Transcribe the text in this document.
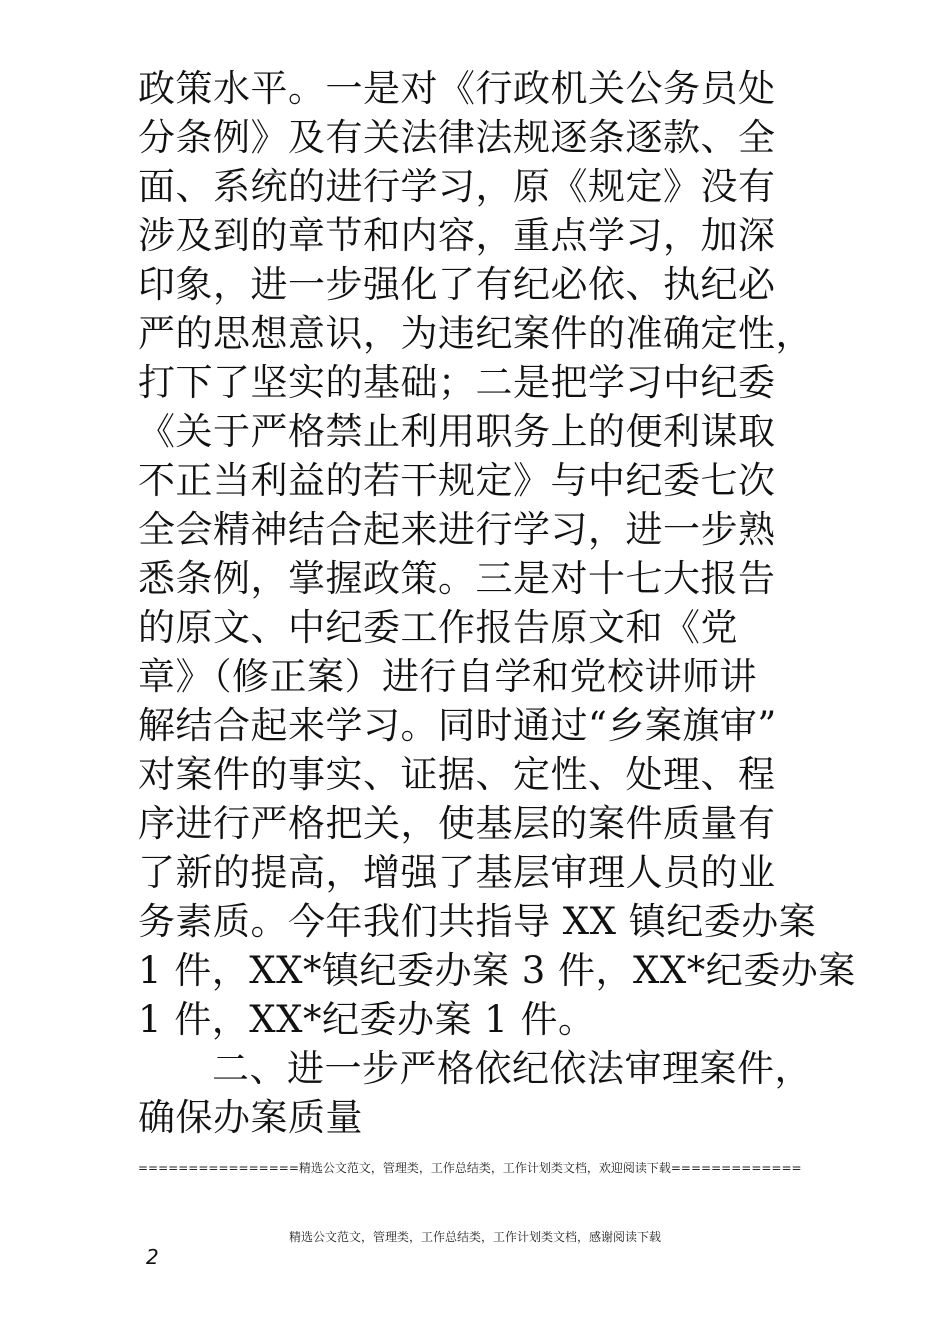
政策水平。一是对《行政机关公务员处
分条例》及有关法律法规逐条逐款、全
面、系统的进行学习，原《规定》没有
涉及到的章节和内容，重点学习，加深
印象，进一步强化了有纪必依、执纪必
严的思想意识，为违纪案件的准确定性，
打下了坚实的基础；二是把学习中纪委
《关于严格禁止利用职务上的便利谋取
不正当利益的若干规定》与中纪委七次
全会精神结合起来进行学习，进一步熟
悉条例，掌握政策。三是对十七大报告
的原文、中纪委工作报告原文和《党
章》（修正案）进行自学和党校讲师讲
解结合起来学习。同时通过“乡案旗审”
对案件的事实、证据、定性、处理、程
序进行严格把关，使基层的案件质量有
了新的提高，增强了基层审理人员的业
务素质。今年我们共指导 XX 镇纪委办案
1 件，XX*镇纪委办案 3 件，XX*纪委办案
1 件，XX*纪委办案 1 件。
二、进一步严格依纪依法审理案件，
确保办案质量
================精选公文范文，管理类，工作总结类，工作计划类文档，欢迎阅读下载=============
精选公文范文，管理类，工作总结类，工作计划类文档，感谢阅读下载
2
